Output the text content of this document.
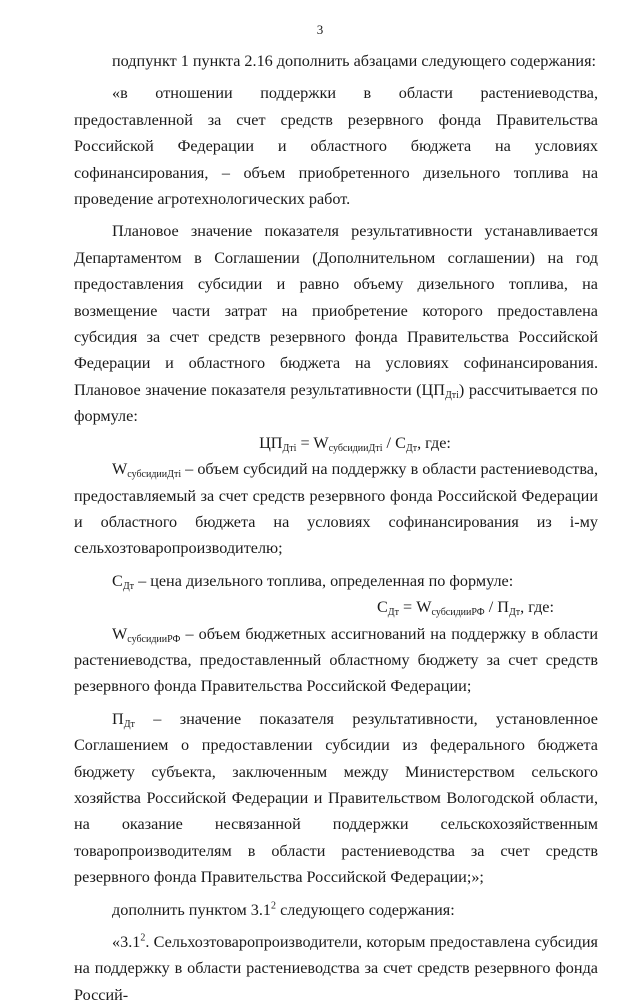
3

подпункт 1 пункта 2.16 дополнить абзацами следующего содержания:

«в отношении поддержки в области растениеводства, предоставленной за счет средств резервного фонда Правительства Российской Федерации и областного бюджета на условиях софинансирования, – объем приобретенного дизельного топлива на проведение агротехнологических работ.

Плановое значение показателя результативности устанавливается Департаментом в Соглашении (Дополнительном соглашении) на год предоставления субсидии и равно объему дизельного топлива, на возмещение части затрат на приобретение которого предоставлена субсидия за счет средств резервного фонда Правительства Российской Федерации и областного бюджета на условиях софинансирования. Плановое значение показателя результативности $(ЦП_{Дтi})$ рассчитывается по формуле:

$ЦП_{Дтi} = W_{субсидииДтi} / С_{Дт}$, где:

$W_{субсидииДтi}$ – объем субсидий на поддержку в области растениеводства, предоставляемый за счет средств резервного фонда Российской Федерации и областного бюджета на условиях софинансирования из i-му сельхозтоваропроизводителю;

$С_{Дт}$ – цена дизельного топлива, определенная по формуле:

$С_{Дт} = W_{субсидииРФ} / П_{Дт}$, где:

$W_{субсидииРФ}$ – объем бюджетных ассигнований на поддержку в области растениеводства, предоставленный областному бюджету за счет средств резервного фонда Правительства Российской Федерации;

$П_{Дт}$ – значение показателя результативности, установленное Соглашением о предоставлении субсидии из федерального бюджета бюджету субъекта, заключенным между Министерством сельского хозяйства Российской Федерации и Правительством Вологодской области, на оказание несвязанной поддержки сельскохозяйственным товаропроизводителям в области растениеводства за счет средств резервного фонда Правительства Российской Федерации;»;

дополнить пунктом $3.1^2$ следующего содержания:

«$3.1^2$. Сельхозтоваропроизводители, которым предоставлена субсидия на поддержку в области растениеводства за счет средств резервного фонда Россий-
